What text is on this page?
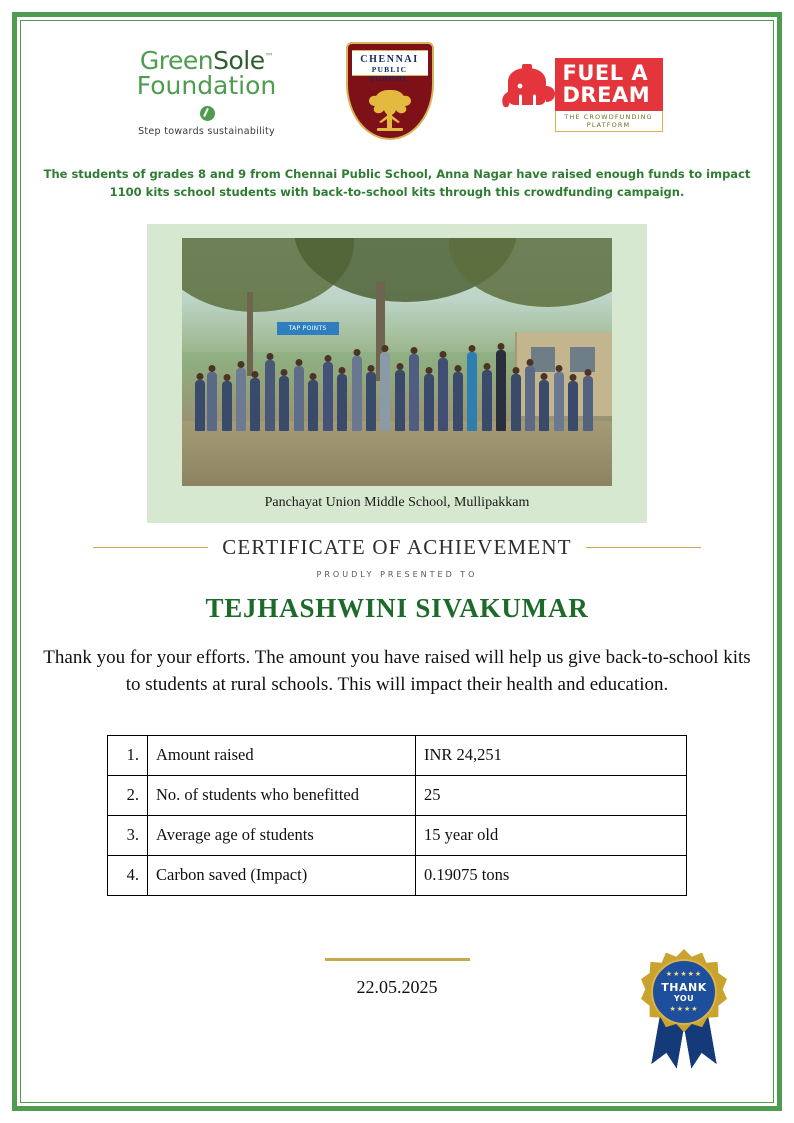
GreenSole™
Foundation
Step towards sustainability
CHENNAI
PUBLIC SCHOOL	FUEL A
DREAM
THE CROWDFUNDING PLATFORM
The students of grades 8 and 9 from Chennai Public School, Anna Nagar have raised enough funds to impact 1100 kits school students with back-to-school kits through this crowdfunding campaign.
TAP POINTS
Panchayat Union Middle School, Mullipakkam
CERTIFICATE OF ACHIEVEMENT
PROUDLY PRESENTED TO
TEJHASHWINI SIVAKUMAR
Thank you for your efforts. The amount you have raised will help us give back-to-school kits to students at rural schools. This will impact their health and education.
1.	Amount raised	INR 24,251
2.	No. of students who benefitted	25
3.	Average age of students	15 year old
4.	Carbon saved (Impact)	0.19075 tons
22.05.2025
★★★★★
THANK
YOU
★★★★
